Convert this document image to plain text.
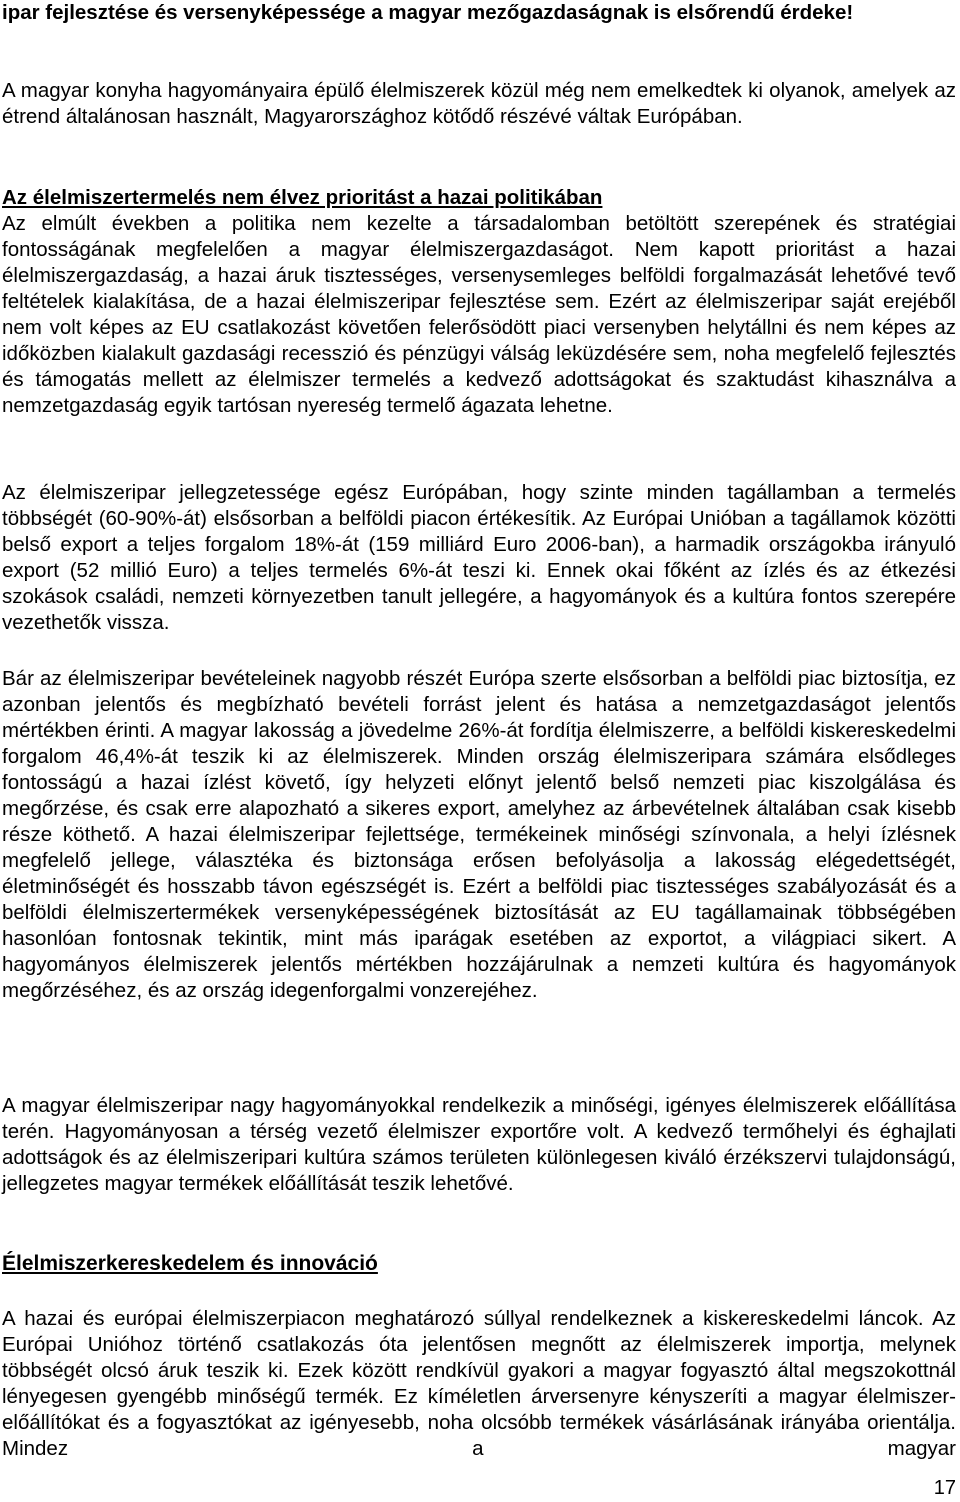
ipar fejlesztése és versenyképessége a magyar mezőgazdaságnak is elsőrendű érdeke!

A magyar konyha hagyományaira épülő élelmiszerek közül még nem emelkedtek ki olyanok, amelyek az étrend általánosan használt, Magyarországhoz kötődő részévé váltak Európában.

Az élelmiszertermelés nem élvez prioritást a hazai politikában

Az elmúlt években a politika nem kezelte a társadalomban betöltött szerepének és stratégiai fontosságának megfelelően a magyar élelmiszergazdaságot. Nem kapott prioritást a hazai élelmiszergazdaság, a hazai áruk tisztességes, versenysemleges belföldi forgalmazását lehetővé tevő feltételek kialakítása, de a hazai élelmiszeripar fejlesztése sem. Ezért az élelmiszeripar saját erejéből nem volt képes az EU csatlakozást követően felerősödött piaci versenyben helytállni és nem képes az időközben kialakult gazdasági recesszió és pénzügyi válság leküzdésére sem, noha megfelelő fejlesztés és támogatás mellett az élelmiszer termelés a kedvező adottságokat és szaktudást kihasználva a nemzetgazdaság egyik tartósan nyereség termelő ágazata lehetne.

Az élelmiszeripar jellegzetessége egész Európában, hogy szinte minden tagállamban a termelés többségét (60-90%-át) elsősorban a belföldi piacon értékesítik. Az Európai Unióban a tagállamok közötti belső export a teljes forgalom 18%-át (159 milliárd Euro 2006-ban), a harmadik országokba irányuló export (52 millió Euro) a teljes termelés 6%-át teszi ki. Ennek okai főként az ízlés és az étkezési szokások családi, nemzeti környezetben tanult jellegére, a hagyományok és a kultúra fontos szerepére vezethetők vissza.

Bár az élelmiszeripar bevételeinek nagyobb részét Európa szerte elsősorban a belföldi piac biztosítja, ez azonban jelentős és megbízható bevételi forrást jelent és hatása a nemzetgazdaságot jelentős mértékben érinti. A magyar lakosság a jövedelme 26%-át fordítja élelmiszerre, a belföldi kiskereskedelmi forgalom 46,4%-át teszik ki az élelmiszerek. Minden ország élelmiszeripara számára elsődleges fontosságú a hazai ízlést követő, így helyzeti előnyt jelentő belső nemzeti piac kiszolgálása és megőrzése, és csak erre alapozható a sikeres export, amelyhez az árbevételnek általában csak kisebb része köthető. A hazai élelmiszeripar fejlettsége, termékeinek minőségi színvonala, a helyi ízlésnek megfelelő jellege, választéka és biztonsága erősen befolyásolja a lakosság elégedettségét, életminőségét és hosszabb távon egészségét is. Ezért a belföldi piac tisztességes szabályozását és a belföldi élelmiszertermékek versenyképességének biztosítását az EU tagállamainak többségében hasonlóan fontosnak tekintik, mint más iparágak esetében az exportot, a világpiaci sikert. A hagyományos élelmiszerek jelentős mértékben hozzájárulnak a nemzeti kultúra és hagyományok megőrzéséhez, és az ország idegenforgalmi vonzerejéhez.

A magyar élelmiszeripar nagy hagyományokkal rendelkezik a minőségi, igényes élelmiszerek előállítása terén. Hagyományosan a térség vezető élelmiszer exportőre volt. A kedvező termőhelyi és éghajlati adottságok és az élelmiszeripari kultúra számos területen különlegesen kiváló érzékszervi tulajdonságú, jellegzetes magyar termékek előállítását teszik lehetővé.

Élelmiszerkereskedelem és innováció

A hazai és európai élelmiszerpiacon meghatározó súllyal rendelkeznek a kiskereskedelmi láncok. Az Európai Unióhoz történő csatlakozás óta jelentősen megnőtt az élelmiszerek importja, melynek többségét olcsó áruk teszik ki. Ezek között rendkívül gyakori a magyar fogyasztó által megszokottnál lényegesen gyengébb minőségű termék. Ez kíméletlen árversenyre kényszeríti a magyar élelmiszer-előállítókat és a fogyasztókat az igényesebb, noha olcsóbb termékek vásárlásának irányába orientálja. Mindez a magyar

17
